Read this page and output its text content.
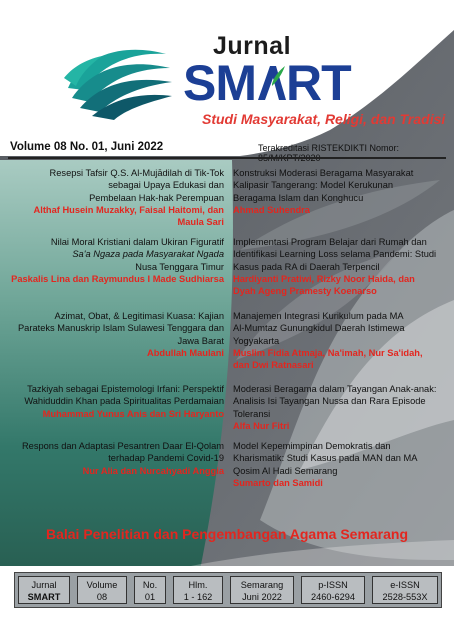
Jurnal
SM RT
Studi Masyarakat, Religi, dan Tradisi
Volume 08 No. 01, Juni 2022	Terakreditasi RISTEKDIKTI Nomor:
Resepsi Tafsir Q.S. Al-Mujādilah di Tik-Tok
sebagai Upaya Edukasi dan
Pembelaan Hak-hak Perempuan
Althaf Husein Muzakky, Faisal Haitomi, dan
Maula Sari
Nilai Moral Kristiani dalam Ukiran Figuratif
Sa'a Ngaza pada Masyarakat Ngada
Nusa Tenggara Timur
Paskalis Lina dan Raymundus I Made Sudhiarsa
Azimat, Obat, & Legitimasi Kuasa: Kajian
Parateks Manuskrip Islam Sulawesi Tenggara dan
Jawa Barat
Abdullah Maulani
Tazkiyah sebagai Epistemologi Irfani: Perspektif
Wahiduddin Khan pada Spiritualitas Perdamaian
Muhammad Yunus Anis dan Sri Haryanto
Respons dan Adaptasi Pesantren Daar El-Qolam
terhadap Pandemi Covid-19
Nur Alia dan Nurcahyadi Anggia
Konstruksi Moderasi Beragama Masyarakat
Kalipasir Tangerang: Model Kerukunan
Beragama Islam dan Konghucu
Ahmad Suhendra
Implementasi Program Belajar dari Rumah dan
Identifikasi Learning Loss selama Pandemi: Studi
Kasus pada RA di Daerah Terpencil
Hardiyanti Pratiwi, Rizky Noor Haida, dan
Dyah Ageng Pramesty Koenarso
Manajemen Integrasi Kurikulum pada MA
Al-Mumtaz Gunungkidul Daerah Istimewa
Yogyakarta
Muslim Fidia Atmaja, Na'imah, Nur Sa'idah,
dan Dwi Ratnasari
Moderasi Beragama dalam Tayangan Anak-anak:
Analisis Isi Tayangan Nussa dan Rara Episode
Toleransi
Alfa Nur Fitri
Model Kepemimpinan Demokratis dan
Kharismatik: Studi Kasus pada MAN dan MA
Qosim Al Hadi Semarang
Sumarto dan Samidi
Balai Penelitian dan Pengembangan Agama Semarang
Jurnal
SMART
Volume
08
No.
01
Hlm.
1 - 162
Semarang
Juni 2022
p-ISSN
2460-6294
e-ISSN
2528-553X
